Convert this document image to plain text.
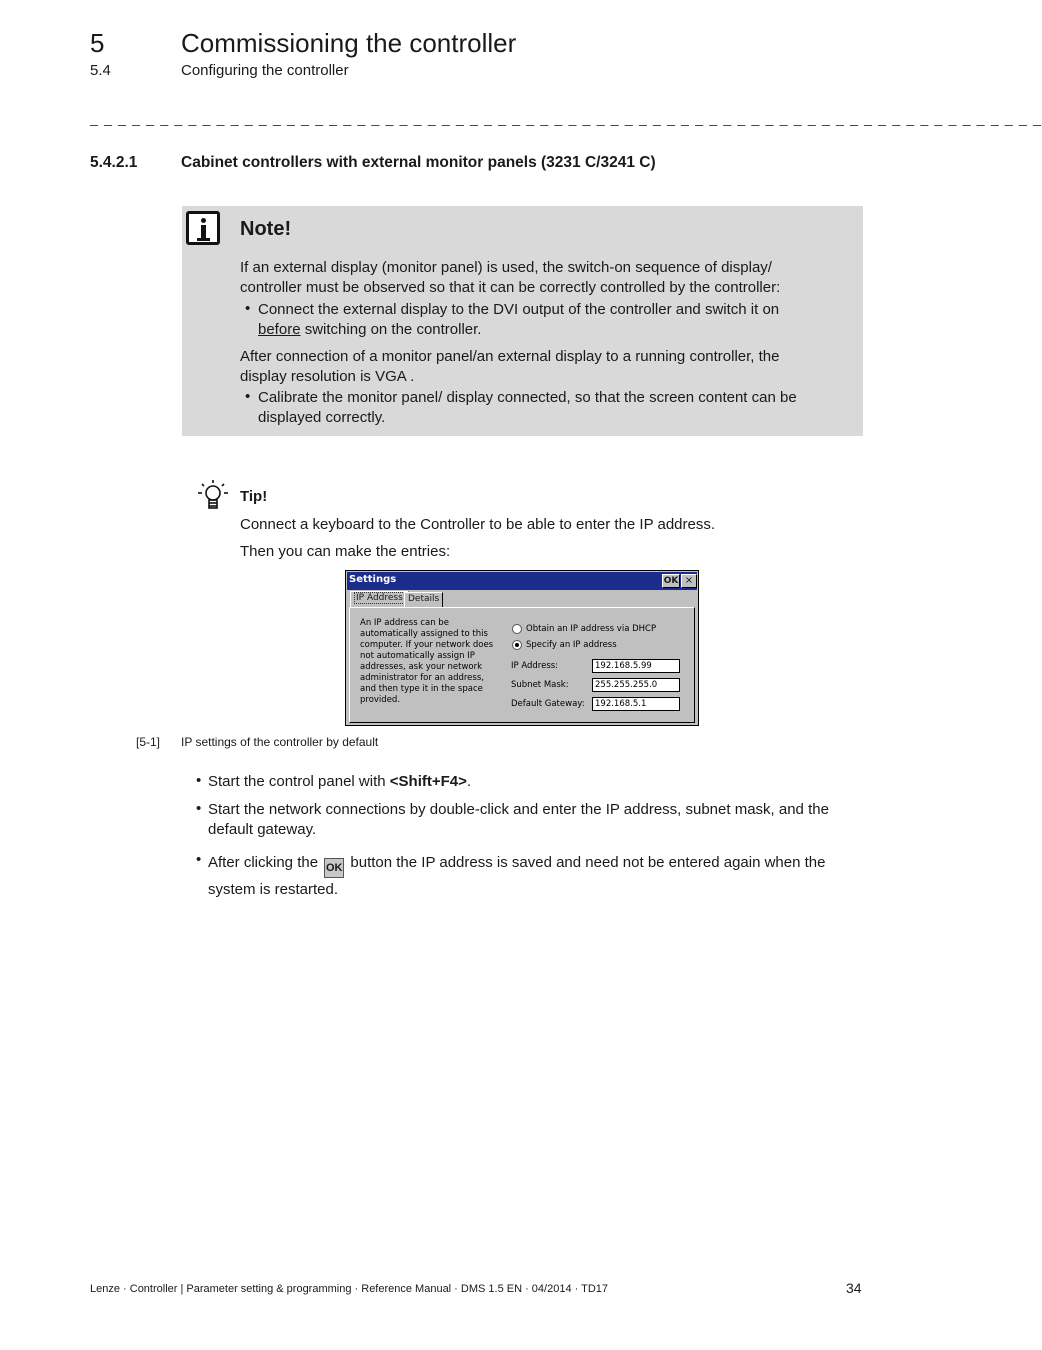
5	Commissioning the controller
5.4	Configuring the controller
_ _ _ _ _ _ _ _ _ _ _ _ _ _ _ _ _ _ _ _ _ _ _ _ _ _ _ _ _ _ _ _ _ _ _ _ _ _ _ _ _ _ _ _ _ _ _ _ _ _ _ _ _ _ _ _ _ _ _ _ _ _ _ _ _ _ _ _
5.4.2.1	Cabinet controllers with external monitor panels (3231 C/3241 C)
Note!
If an external display (monitor panel) is used, the switch-on sequence of display/
controller must be observed so that it can be correctly controlled by the controller:
• Connect the external display to the DVI output of the controller and switch it on
before switching on the controller.
After connection of a monitor panel/an external display to a running controller, the
display resolution is VGA .
• Calibrate the monitor panel/ display connected, so that the screen content can be
displayed correctly.
Tip!
Connect a keyboard to the Controller to be able to enter the IP address.
Then you can make the entries:
Settings	OK ×
IP Address Details
An IP address can be automatically assigned to this computer. If your network does not automatically assign IP addresses, ask your network administrator for an address, and then type it in the space provided.
Obtain an IP address via DHCP
Specify an IP address
IP Address:	192.168.5.99
Subnet Mask:	255.255.255.0
Default Gateway:	192.168.5.1
[5-1] IP settings of the controller by default
• Start the control panel with <Shift+F4>.
• Start the network connections by double-click and enter the IP address, subnet mask, and the
default gateway.
• After clicking the OK button the IP address is saved and need not be entered again when the
system is restarted.
Lenze · Controller | Parameter setting & programming · Reference Manual · DMS 1.5 EN · 04/2014 · TD17	34
